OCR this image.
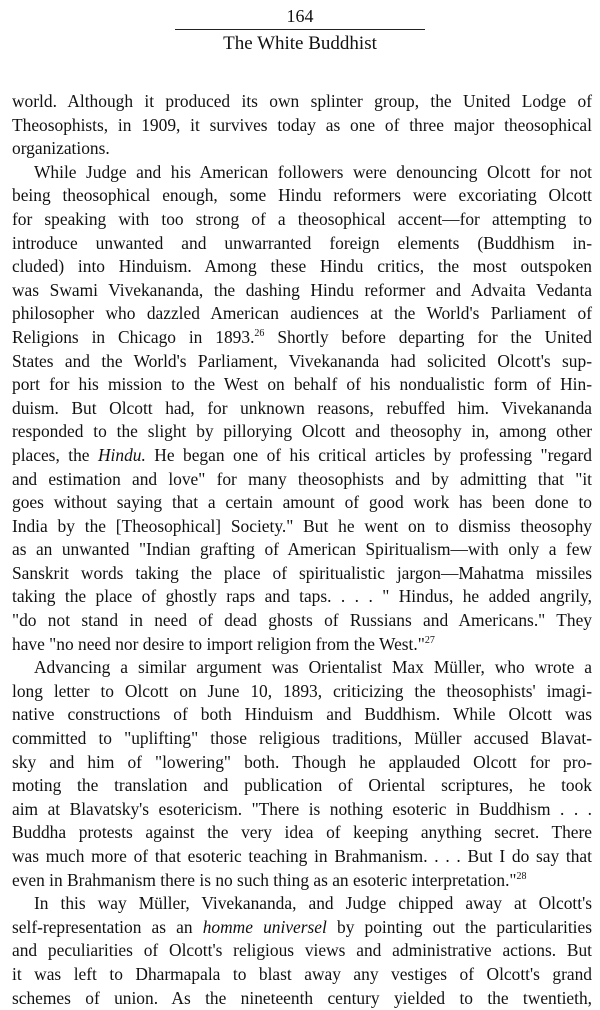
164
The White Buddhist
world. Although it produced its own splinter group, the United Lodge of
Theosophists, in 1909, it survives today as one of three major theosophical
organizations.
While Judge and his American followers were denouncing Olcott for not
being theosophical enough, some Hindu reformers were excoriating Olcott
for speaking with too strong of a theosophical accent—for attempting to
introduce unwanted and unwarranted foreign elements (Buddhism in-
cluded) into Hinduism. Among these Hindu critics, the most outspoken
was Swami Vivekananda, the dashing Hindu reformer and Advaita Vedanta
philosopher who dazzled American audiences at the World's Parliament of
Religions in Chicago in 1893.26 Shortly before departing for the United
States and the World's Parliament, Vivekananda had solicited Olcott's sup-
port for his mission to the West on behalf of his nondualistic form of Hin-
duism. But Olcott had, for unknown reasons, rebuffed him. Vivekananda
responded to the slight by pillorying Olcott and theosophy in, among other
places, the Hindu. He began one of his critical articles by professing "regard
and estimation and love" for many theosophists and by admitting that "it
goes without saying that a certain amount of good work has been done to
India by the [Theosophical] Society." But he went on to dismiss theosophy
as an unwanted "Indian grafting of American Spiritualism—with only a few
Sanskrit words taking the place of spiritualistic jargon—Mahatma missiles
taking the place of ghostly raps and taps. . . . " Hindus, he added angrily,
"do not stand in need of dead ghosts of Russians and Americans." They
have "no need nor desire to import religion from the West."$^{27}$
Advancing a similar argument was Orientalist Max Müller, who wrote a
long letter to Olcott on June 10, 1893, criticizing the theosophists' imagi-
native constructions of both Hinduism and Buddhism. While Olcott was
committed to "uplifting" those religious traditions, Müller accused Blavat-
sky and him of "lowering" both. Though he applauded Olcott for pro-
moting the translation and publication of Oriental scriptures, he took
aim at Blavatsky's esotericism. "There is nothing esoteric in Buddhism . . .
Buddha protests against the very idea of keeping anything secret. There
was much more of that esoteric teaching in Brahmanism. . . . But I do say that
even in Brahmanism there is no such thing as an esoteric interpretation."$^{28}$
In this way Müller, Vivekananda, and Judge chipped away at Olcott's
self-representation as an homme universel by pointing out the particularities
and peculiarities of Olcott's religious views and administrative actions. But
it was left to Dharmapala to blast away any vestiges of Olcott's grand
schemes of union. As the nineteenth century yielded to the twentieth,
